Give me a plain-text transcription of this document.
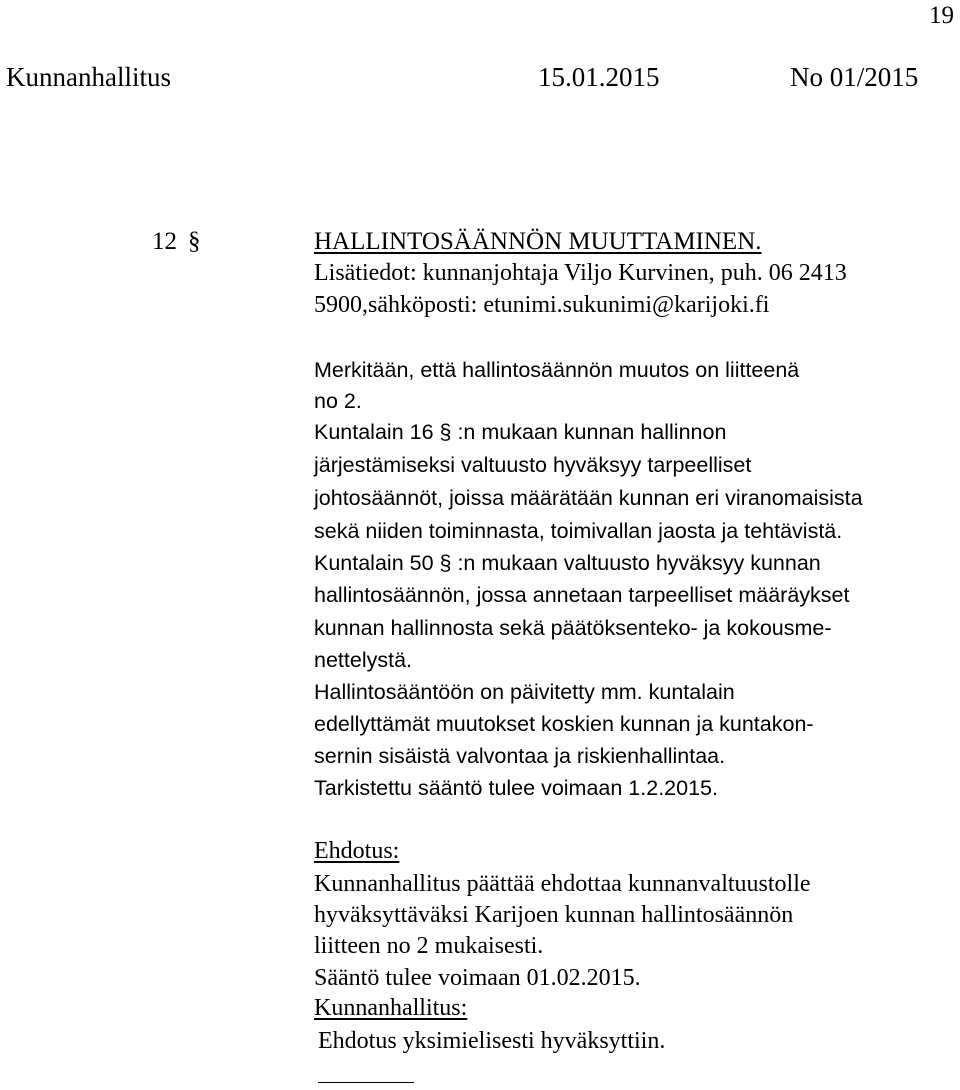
19
Kunnanhallitus	15.01.2015	No 01/2015
12 §	HALLINTOSÄÄNNÖN MUUTTAMINEN.
Lisätiedot: kunnanjohtaja Viljo Kurvinen, puh. 06 2413
5900,sähköposti: etunimi.sukunimi@karijoki.fi
Merkitään, että hallintosäännön muutos on liitteenä
no 2.
Kuntalain 16 § :n mukaan kunnan hallinnon
järjestämiseksi valtuusto hyväksyy tarpeelliset
johtosäännöt, joissa määrätään kunnan eri viranomaisista
sekä niiden toiminnasta, toimivallan jaosta ja tehtävistä.
Kuntalain 50 § :n mukaan valtuusto hyväksyy kunnan
hallintosäännön, jossa annetaan tarpeelliset määräykset
kunnan hallinnosta sekä päätöksenteko- ja kokousme-
nettelystä.
Hallintosääntöön on päivitetty mm. kuntalain
edellyttämät muutokset koskien kunnan ja kuntakon-
sernin sisäistä valvontaa ja riskienhallintaa.
Tarkistettu sääntö tulee voimaan 1.2.2015.
Ehdotus:
Kunnanhallitus päättää ehdottaa kunnanvaltuustolle
hyväksyttäväksi Karijoen kunnan hallintosäännön
liitteen no 2 mukaisesti.
Sääntö tulee voimaan 01.02.2015.
Kunnanhallitus:
Ehdotus yksimielisesti hyväksyttiin.
